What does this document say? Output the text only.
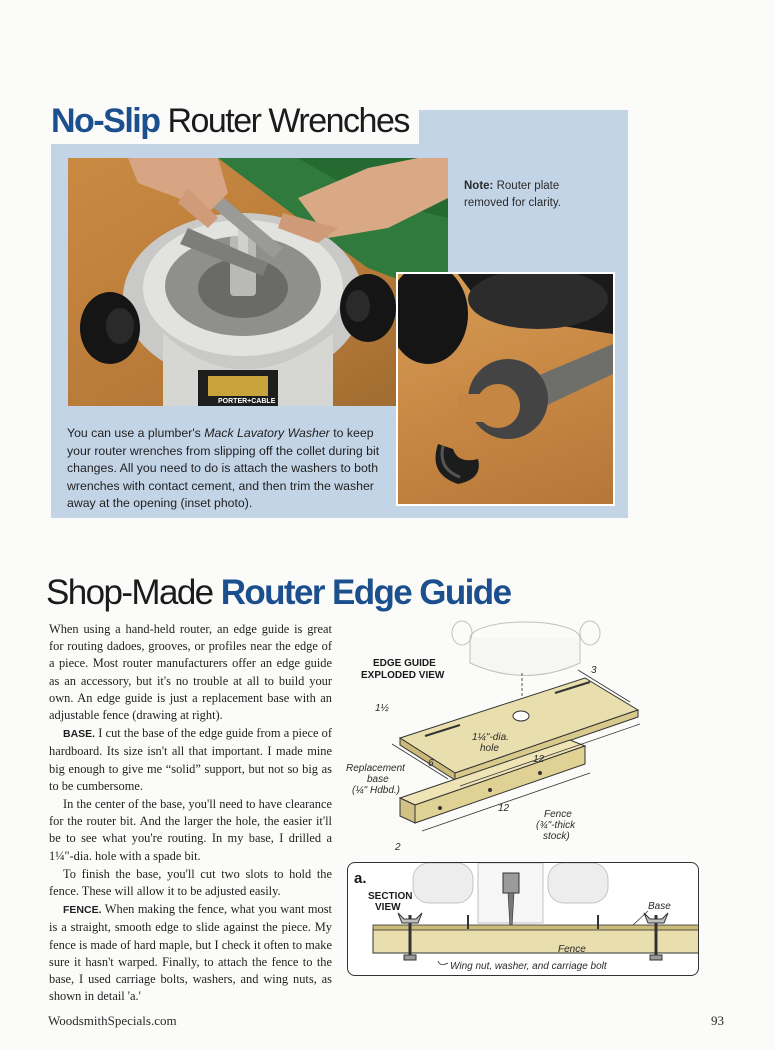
No-Slip Router Wrenches
PORTER+CABLE
Note: Router plate removed for clarity.
You can use a plumber's Mack Lavatory Washer to keep your router wrenches from slipping off the collet during bit changes. All you need to do is attach the washers to both wrenches with contact cement, and then trim the washer away at the opening (inset photo).
Shop-Made Router Edge Guide

When using a hand-held router, an edge guide is great for routing dadoes, grooves, or profiles near the edge of a piece. Most router manufacturers offer an edge guide as an accessory, but it's no trouble at all to build your own. An edge guide is just a replacement base with an adjustable fence (drawing at right).

BASE. I cut the base of the edge guide from a piece of hardboard. Its size isn't all that important. I made mine big enough to give me “solid” support, but not so big as to be cumbersome.

In the center of the base, you'll need to have clearance for the router bit. And the larger the hole, the easier it'll be to see what you're routing. In my base, I drilled a 1¼"-dia. hole with a spade bit.

To finish the base, you'll cut two slots to hold the fence. These will allow it to be adjusted easily.

FENCE. When making the fence, what you want most is a straight, smooth edge to slide against the piece. My fence is made of hard maple, but I check it often to make sure it hasn't warped. Finally, to attach the fence to the base, I used carriage bolts, washers, and wing nuts, as shown in detail 'a.'

EDGE GUIDE
EXPLODED VIEW	3
1½
1¼"-dia.
hole
12
6
Replacement
base
(¼" Hdbd.)
12
Fence
(¾"-thick
stock)
2
a.
SECTION
VIEW	Base
Fence
Wing nut, washer, and carriage bolt
WoodsmithSpecials.com	93
